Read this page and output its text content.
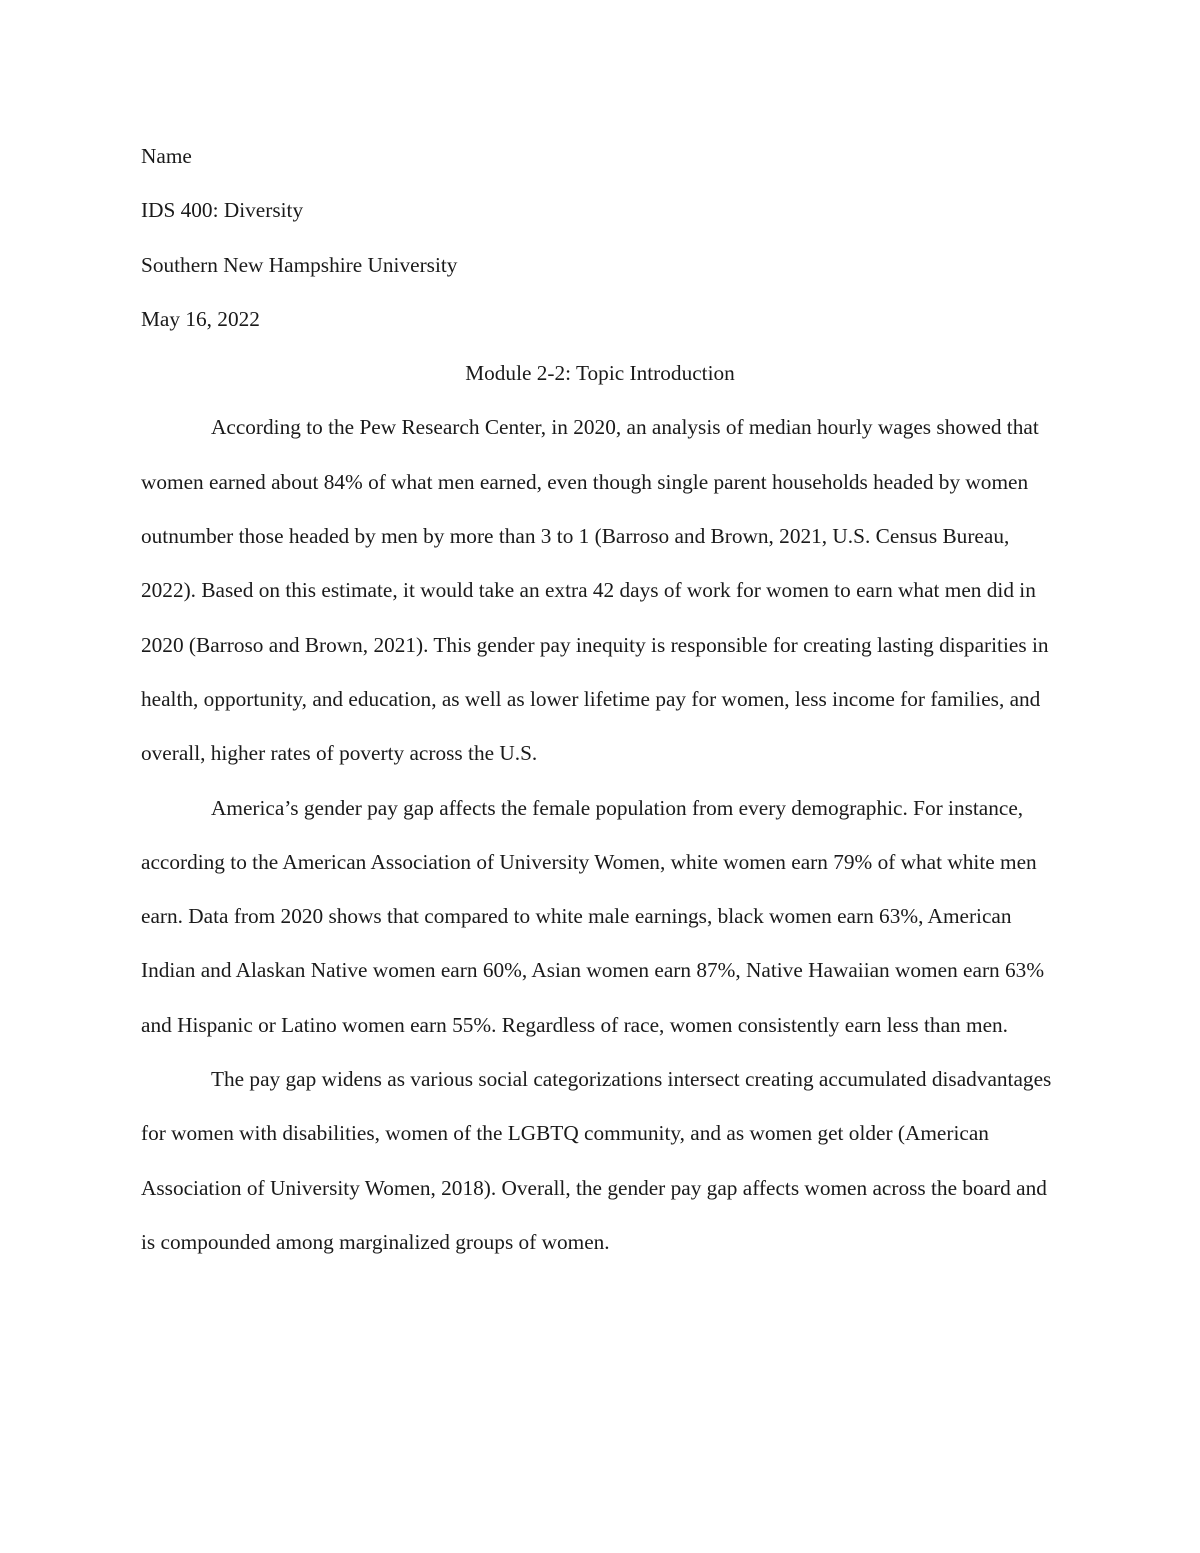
Name

IDS 400: Diversity

Southern New Hampshire University

May 16, 2022

Module 2-2: Topic Introduction

According to the Pew Research Center, in 2020, an analysis of median hourly wages showed that women earned about 84% of what men earned, even though single parent households headed by women outnumber those headed by men by more than 3 to 1 (Barroso and Brown, 2021, U.S. Census Bureau, 2022). Based on this estimate, it would take an extra 42 days of work for women to earn what men did in 2020 (Barroso and Brown, 2021). This gender pay inequity is responsible for creating lasting disparities in health, opportunity, and education, as well as lower lifetime pay for women, less income for families, and overall, higher rates of poverty across the U.S.

America’s gender pay gap affects the female population from every demographic. For instance, according to the American Association of University Women, white women earn 79% of what white men earn. Data from 2020 shows that compared to white male earnings, black women earn 63%, American Indian and Alaskan Native women earn 60%, Asian women earn 87%, Native Hawaiian women earn 63% and Hispanic or Latino women earn 55%. Regardless of race, women consistently earn less than men.

The pay gap widens as various social categorizations intersect creating accumulated disadvantages for women with disabilities, women of the LGBTQ community, and as women get older (American Association of University Women, 2018). Overall, the gender pay gap affects women across the board and is compounded among marginalized groups of women.
